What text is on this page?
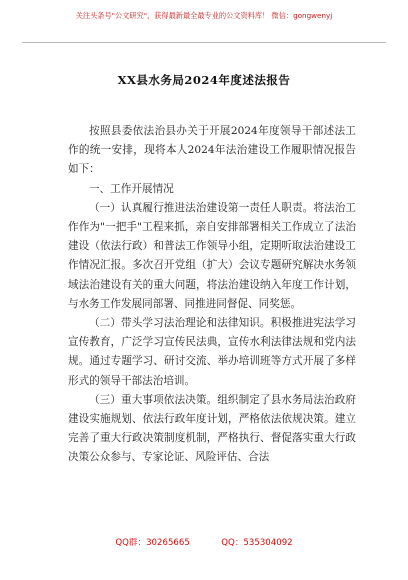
关注头条号"公文研究"，获得最新最全最专业的公文资料库！ 微信：gongwenyj
XX县水务局2024年度述法报告

按照县委依法治县办关于开展2024年度领导干部述法工作的统一安排，现将本人2024年法治建设工作履职情况报告如下：

一、工作开展情况

（一）认真履行推进法治建设第一责任人职责。将法治工作作为"一把手"工程来抓，亲自安排部署相关工作成立了法治建设（依法行政）和普法工作领导小组，定期听取法治建设工作情况汇报。多次召开党组（扩大）会议专题研究解决水务领域法治建设有关的重大问题，将法治建设纳入年度工作计划，与水务工作发展同部署、同推进同督促、同奖惩。

（二）带头学习法治理论和法律知识。积极推进宪法学习宣传教育，广泛学习宣传民法典，宣传水利法律法规和党内法规。通过专题学习、研讨交流、举办培训班等方式开展了多样形式的领导干部法治培训。

（三）重大事项依法决策。组织制定了县水务局法治政府建设实施规划、依法行政年度计划，严格依法依规决策。建立完善了重大行政决策制度机制，严格执行、督促落实重大行政决策公众参与、专家论证、风险评估、合法

QQ群：30265665	QQ：535304092
